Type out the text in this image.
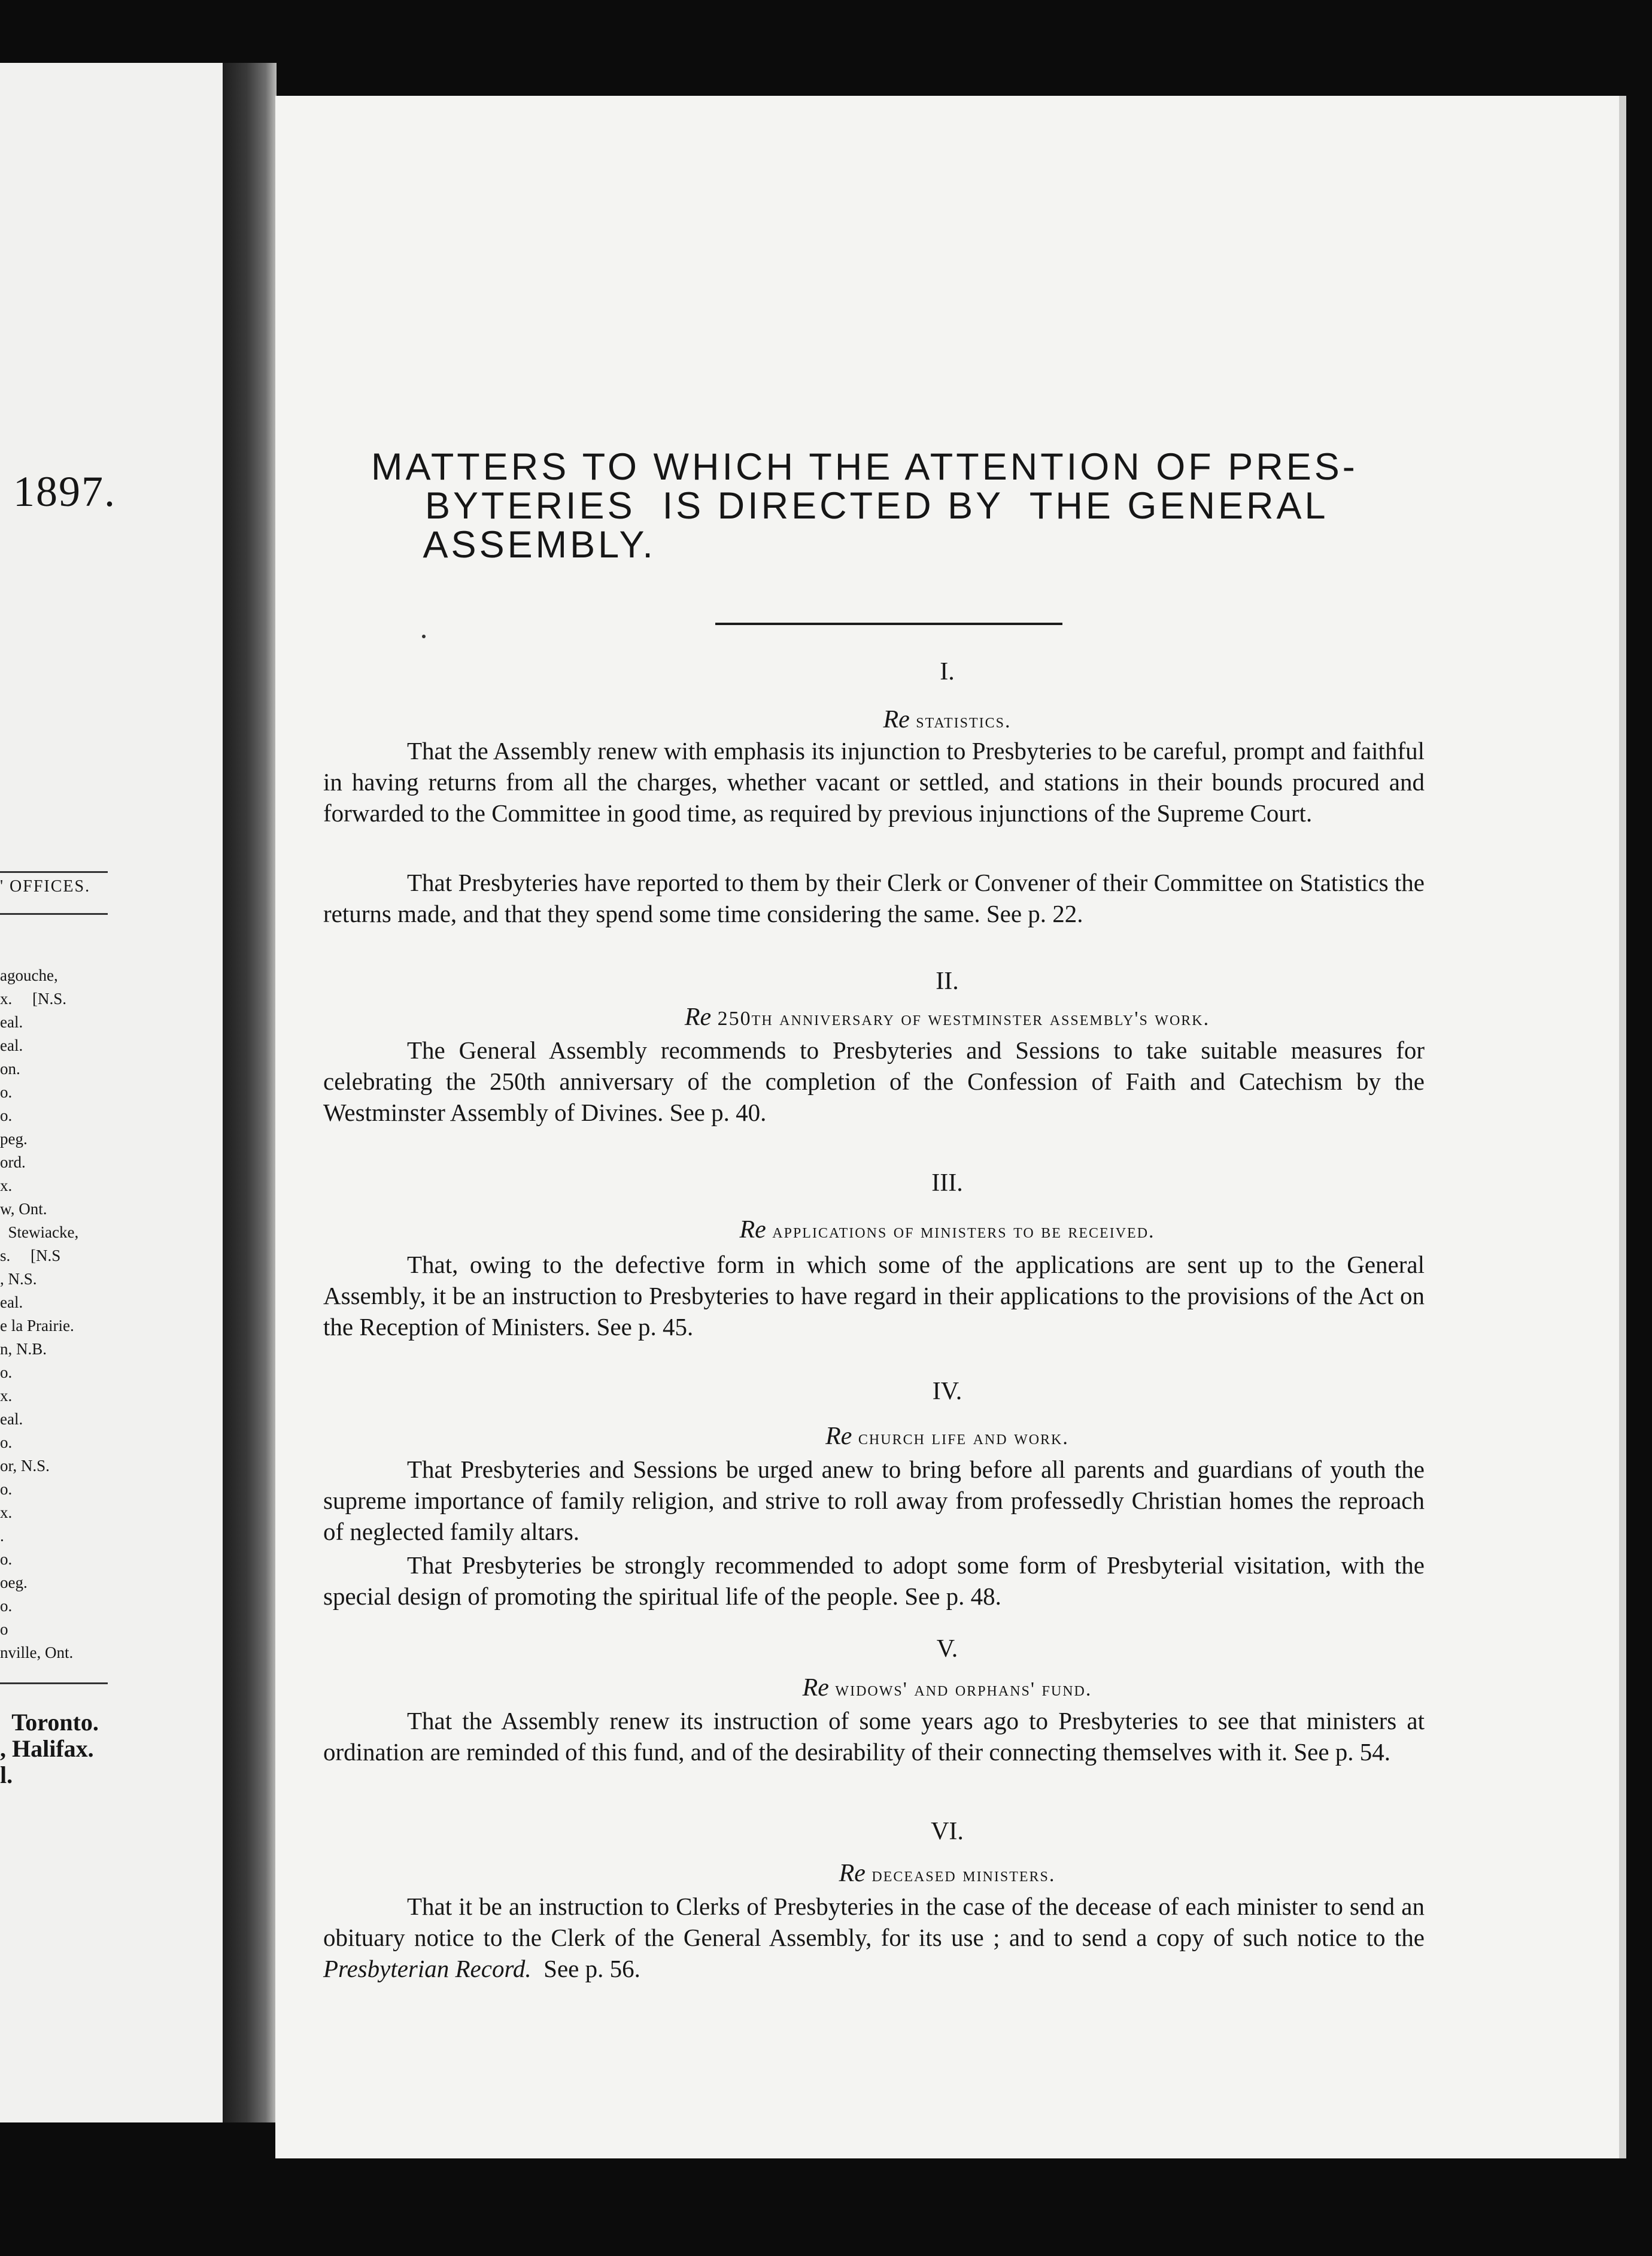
1897.
' OFFICES.
agouche,
x.     [N.S.
eal.
eal.
on.
o.
o.
peg.
ord.
x.
w, Ont.
Stewiacke,
s.     [N.S
, N.S.
eal.
e la Prairie.
n, N.B.
o.
x.
eal.
o.
or, N.S.
o.
x.
.
o.
oeg.
o.
o
nville, Ont.
Toronto.
, Halifax.
l.
MATTERS TO WHICH THE ATTENTION OF PRES-
BYTERIES  IS DIRECTED BY  THE GENERAL
ASSEMBLY.
I.
Re statistics.

That the Assembly renew with emphasis its injunction to Presbyteries to be careful, prompt and faithful in having returns from all the charges, whether vacant or settled, and stations in their bounds procured and forwarded to the Committee in good time, as required by previous injunctions of the Supreme Court.

That Presbyteries have reported to them by their Clerk or Convener of their Committee on Statistics the returns made, and that they spend some time considering the same. See p. 22.

II.
Re 250th anniversary of westminster assembly's work.

The General Assembly recommends to Presbyteries and Sessions to take suitable measures for celebrating the 250th anniversary of the completion of the Confession of Faith and Catechism by the Westminster Assembly of Divines. See p. 40.

III.
Re applications of ministers to be received.

That, owing to the defective form in which some of the applications are sent up to the General Assembly, it be an instruction to Presbyteries to have regard in their applications to the provisions of the Act on the Reception of Ministers. See p. 45.

IV.
Re church life and work.

That Presbyteries and Sessions be urged anew to bring before all parents and guardians of youth the supreme importance of family religion, and strive to roll away from professedly Christian homes the reproach of neglected family altars.

That Presbyteries be strongly recommended to adopt some form of Presbyterial visitation, with the special design of promoting the spiritual life of the people. See p. 48.

V.
Re widows' and orphans' fund.

That the Assembly renew its instruction of some years ago to Presbyteries to see that ministers at ordination are reminded of this fund, and of the desirability of their connecting themselves with it. See p. 54.

VI.
Re deceased ministers.

That it be an instruction to Clerks of Presbyteries in the case of the decease of each minister to send an obituary notice to the Clerk of the General Assembly, for its use ; and to send a copy of such notice to the Presbyterian Record.  See p. 56.
